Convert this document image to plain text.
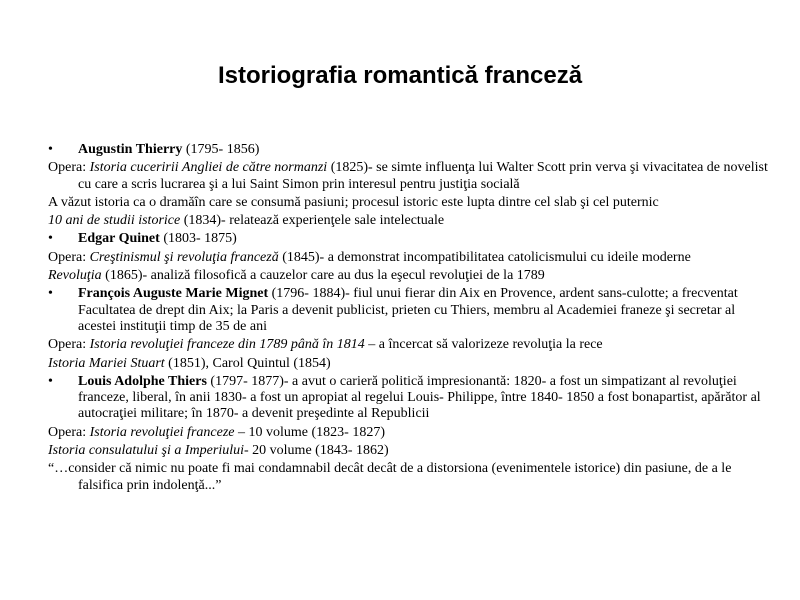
Istoriografia romantică franceză
• Augustin Thierry (1795- 1856)
Opera: Istoria cuceririi Angliei de către normanzi (1825)- se simte influenţa lui Walter Scott prin verva şi vivacitatea de novelist cu care a scris lucrarea şi a lui Saint Simon prin interesul pentru justiţia socială
A văzut istoria ca o dramăîn care se consumă pasiuni; procesul istoric este lupta dintre cel slab şi cel puternic
10 ani de studii istorice (1834)- relatează experienţele sale intelectuale
• Edgar Quinet (1803- 1875)
Opera: Creştinismul şi revoluţia franceză (1845)- a demonstrat incompatibilitatea catolicismului cu ideile moderne
Revoluţia (1865)- analiză filosofică a cauzelor care au dus la eşecul revoluţiei de la 1789
• François Auguste Marie Mignet (1796- 1884)- fiul unui fierar din Aix en Provence, ardent sans-culotte; a frecventat Facultatea de drept din Aix; la Paris a devenit publicist, prieten cu Thiers, membru al Academiei franeze şi secretar al acestei instituţii timp de 35 de ani
Opera: Istoria revoluţiei franceze din 1789 până în 1814 – a încercat să valorizeze revoluţia la rece
Istoria Mariei Stuart (1851), Carol Quintul (1854)
• Louis Adolphe Thiers (1797- 1877)- a avut o carieră politică impresionantă: 1820- a fost un simpatizant al revoluţiei franceze, liberal, în anii 1830- a fost un apropiat al regelui Louis- Philippe, între 1840- 1850 a fost bonapartist, apărător al autocraţiei militare; în 1870- a devenit preşedinte al Republicii
Opera: Istoria revoluţiei franceze – 10 volume (1823- 1827)
Istoria consulatului şi a Imperiului- 20 volume (1843- 1862)
“…consider că nimic nu poate fi mai condamnabil decât decât de a distorsiona (evenimentele istorice) din pasiune, de a le falsifica prin indolenţă...”
